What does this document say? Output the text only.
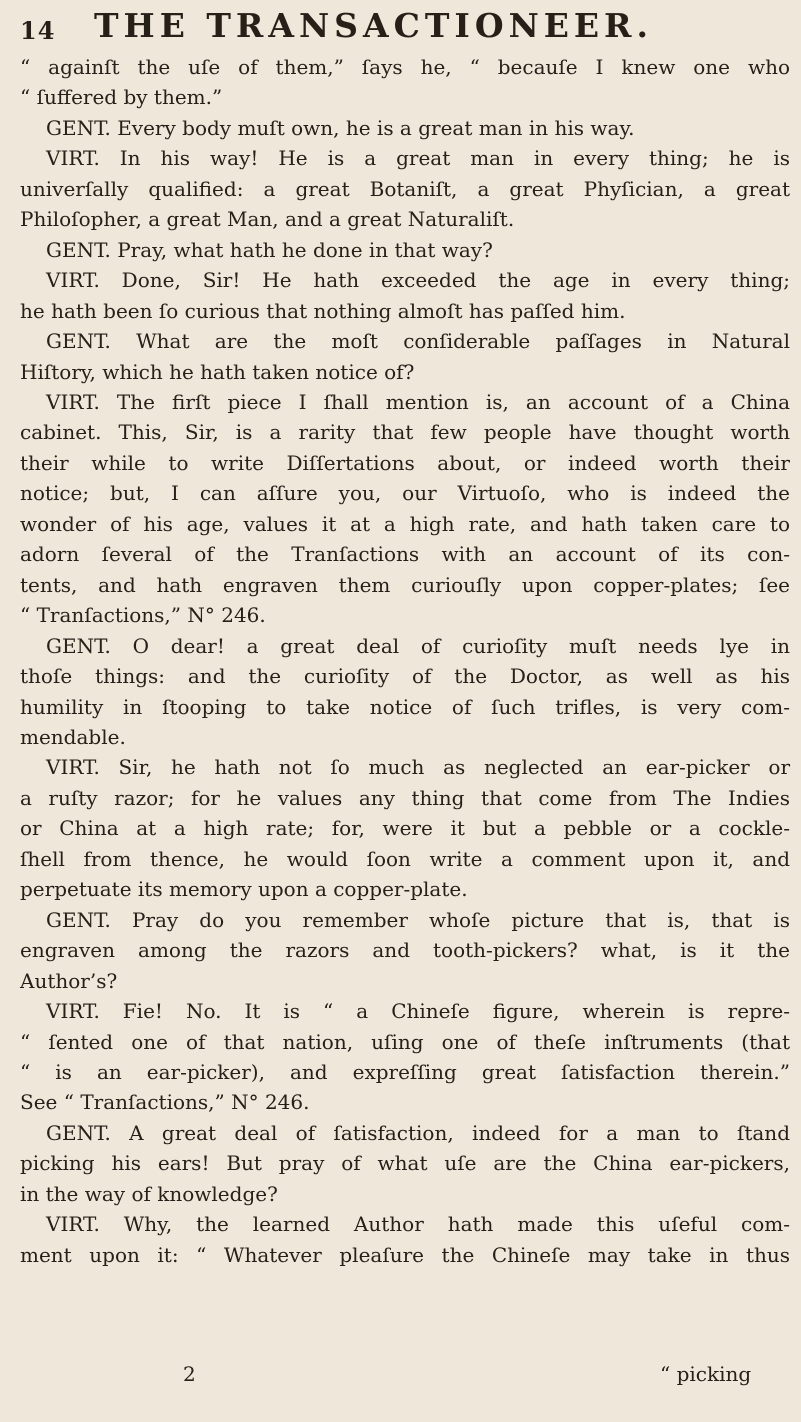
14 THE TRANSACTIONEER.
“ againſt the uſe of them,” ſays he, “ becauſe I knew one who
“ ſuffered by them.”
GENT. Every body muſt own, he is a great man in his way.
VIRT. In his way! He is a great man in every thing; he is
univerſally qualified: a great Botaniſt, a great Phyſician, a great
Philoſopher, a great Man, and a great Naturaliſt.
GENT. Pray, what hath he done in that way?
VIRT. Done, Sir! He hath exceeded the age in every thing;
he hath been ſo curious that nothing almoſt has paſſed him.
GENT. What are the moſt conſiderable paſſages in Natural
Hiſtory, which he hath taken notice of?
VIRT. The firſt piece I ſhall mention is, an account of a China
cabinet. This, Sir, is a rarity that few people have thought worth
their while to write Diſſertations about, or indeed worth their
notice; but, I can aſſure you, our Virtuoſo, who is indeed the
wonder of his age, values it at a high rate, and hath taken care to
adorn ſeveral of the Tranſactions with an account of its con-
tents, and hath engraven them curiouſly upon copper-plates; ſee
“ Tranſactions,” N° 246.
GENT. O dear! a great deal of curioſity muſt needs lye in
thoſe things: and the curioſity of the Doctor, as well as his
humility in ſtooping to take notice of ſuch trifles, is very com-
mendable.
VIRT. Sir, he hath not ſo much as neglected an ear-picker or
a ruſty razor; for he values any thing that come from The Indies
or China at a high rate; for, were it but a pebble or a cockle-
ſhell from thence, he would ſoon write a comment upon it, and
perpetuate its memory upon a copper-plate.
GENT. Pray do you remember whoſe picture that is, that is
engraven among the razors and tooth-pickers? what, is it the
Author’s?
VIRT. Fie! No. It is “ a Chineſe figure, wherein is repre-
“ ſented one of that nation, uſing one of theſe inſtruments (that
“ is an ear-picker), and expreſſing great ſatisfaction therein.”
See “ Tranſactions,” N° 246.
GENT. A great deal of ſatisfaction, indeed for a man to ſtand
picking his ears! But pray of what uſe are the China ear-pickers,
in the way of knowledge?
VIRT. Why, the learned Author hath made this uſeful com-
ment upon it: “ Whatever pleaſure the Chineſe may take in thus
2	“ picking
